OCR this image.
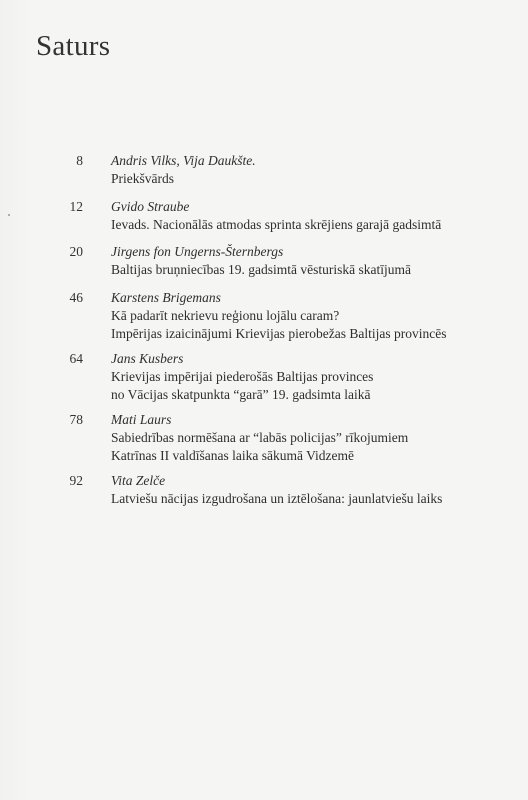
Saturs
8 Andris Vilks, Vija Daukšte.
Priekšvārds
12 Gvido Straube
Ievads. Nacionālās atmodas sprinta skrējiens garajā gadsimtā
20 Jirgens fon Ungerns-Šternbergs
Baltijas bruņniecības 19. gadsimtā vēsturiskā skatījumā
46 Karstens Brigemans
Kā padarīt nekrievu reģionu lojālu caram?
Impērijas izaicinājumi Krievijas pierobežas Baltijas provincēs
64 Jans Kusbers
Krievijas impērijai piederošās Baltijas provinces
no Vācijas skatpunkta “garā” 19. gadsimta laikā
78 Mati Laurs
Sabiedrības normēšana ar “labās policijas” rīkojumiem
Katrīnas II valdīšanas laika sākumā Vidzemē
92 Vita Zelče
Latviešu nācijas izgudrošana un iztēlošana: jaunlatviešu laiks
